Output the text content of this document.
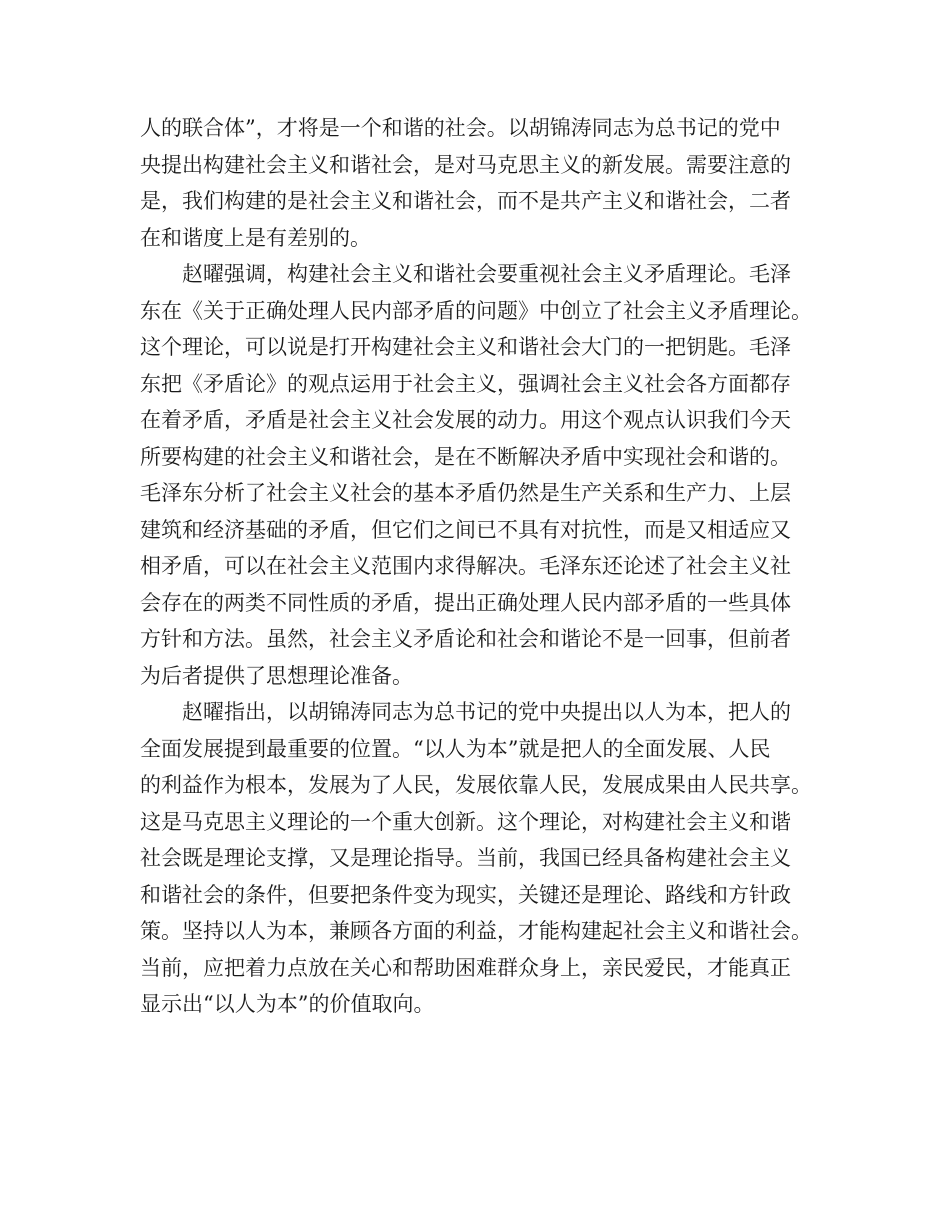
人的联合体”，才将是一个和谐的社会。以胡锦涛同志为总书记的党中
央提出构建社会主义和谐社会，是对马克思主义的新发展。需要注意的
是，我们构建的是社会主义和谐社会，而不是共产主义和谐社会，二者
在和谐度上是有差别的。
赵曜强调，构建社会主义和谐社会要重视社会主义矛盾理论。毛泽
东在《关于正确处理人民内部矛盾的问题》中创立了社会主义矛盾理论。
这个理论，可以说是打开构建社会主义和谐社会大门的一把钥匙。毛泽
东把《矛盾论》的观点运用于社会主义，强调社会主义社会各方面都存
在着矛盾，矛盾是社会主义社会发展的动力。用这个观点认识我们今天
所要构建的社会主义和谐社会，是在不断解决矛盾中实现社会和谐的。
毛泽东分析了社会主义社会的基本矛盾仍然是生产关系和生产力、上层
建筑和经济基础的矛盾，但它们之间已不具有对抗性，而是又相适应又
相矛盾，可以在社会主义范围内求得解决。毛泽东还论述了社会主义社
会存在的两类不同性质的矛盾，提出正确处理人民内部矛盾的一些具体
方针和方法。虽然，社会主义矛盾论和社会和谐论不是一回事，但前者
为后者提供了思想理论准备。
赵曜指出，以胡锦涛同志为总书记的党中央提出以人为本，把人的
全面发展提到最重要的位置。“以人为本”就是把人的全面发展、人民
的利益作为根本，发展为了人民，发展依靠人民，发展成果由人民共享。
这是马克思主义理论的一个重大创新。这个理论，对构建社会主义和谐
社会既是理论支撑，又是理论指导。当前，我国已经具备构建社会主义
和谐社会的条件，但要把条件变为现实，关键还是理论、路线和方针政
策。坚持以人为本，兼顾各方面的利益，才能构建起社会主义和谐社会。
当前，应把着力点放在关心和帮助困难群众身上，亲民爱民，才能真正
显示出“以人为本”的价值取向。
